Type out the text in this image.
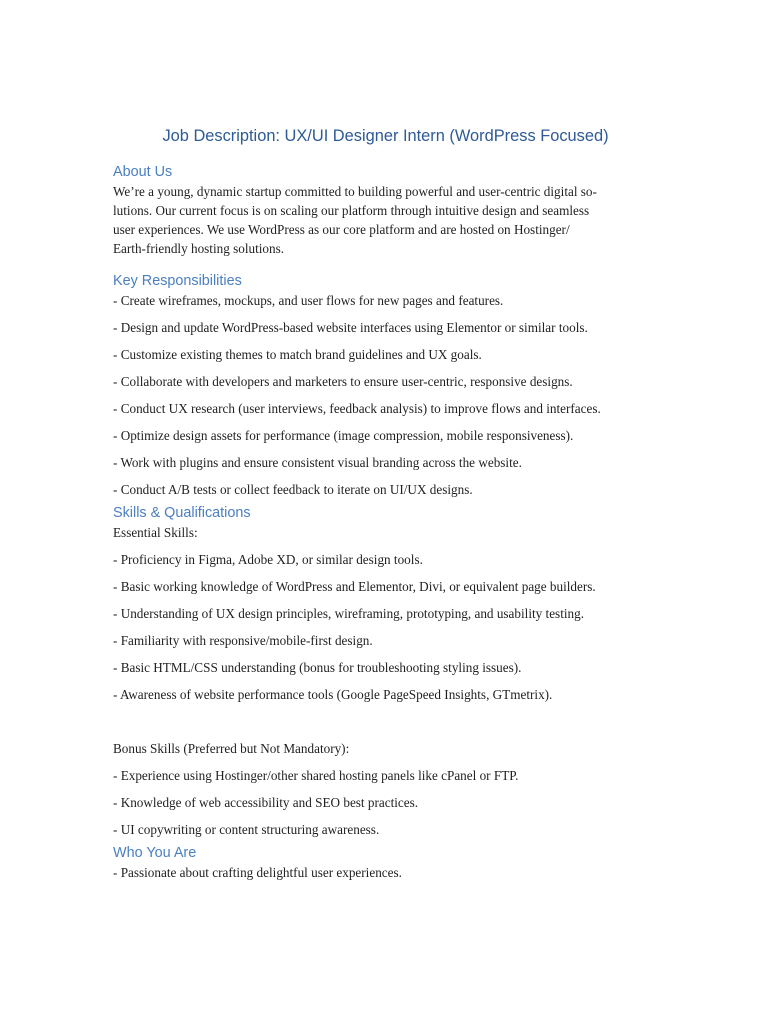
Job Description: UX/UI Designer Intern (WordPress Focused)
About Us
We’re a young, dynamic startup committed to building powerful and user-centric digital so-
lutions. Our current focus is on scaling our platform through intuitive design and seamless
user experiences. We use WordPress as our core platform and are hosted on Hostinger/
Earth-friendly hosting solutions.
Key Responsibilities
- Create wireframes, mockups, and user flows for new pages and features.
- Design and update WordPress-based website interfaces using Elementor or similar tools.
- Customize existing themes to match brand guidelines and UX goals.
- Collaborate with developers and marketers to ensure user-centric, responsive designs.
- Conduct UX research (user interviews, feedback analysis) to improve flows and interfaces.
- Optimize design assets for performance (image compression, mobile responsiveness).
- Work with plugins and ensure consistent visual branding across the website.
- Conduct A/B tests or collect feedback to iterate on UI/UX designs.
Skills & Qualifications
Essential Skills:
- Proficiency in Figma, Adobe XD, or similar design tools.
- Basic working knowledge of WordPress and Elementor, Divi, or equivalent page builders.
- Understanding of UX design principles, wireframing, prototyping, and usability testing.
- Familiarity with responsive/mobile-first design.
- Basic HTML/CSS understanding (bonus for troubleshooting styling issues).
- Awareness of website performance tools (Google PageSpeed Insights, GTmetrix).
Bonus Skills (Preferred but Not Mandatory):
- Experience using Hostinger/other shared hosting panels like cPanel or FTP.
- Knowledge of web accessibility and SEO best practices.
- UI copywriting or content structuring awareness.
Who You Are
- Passionate about crafting delightful user experiences.
